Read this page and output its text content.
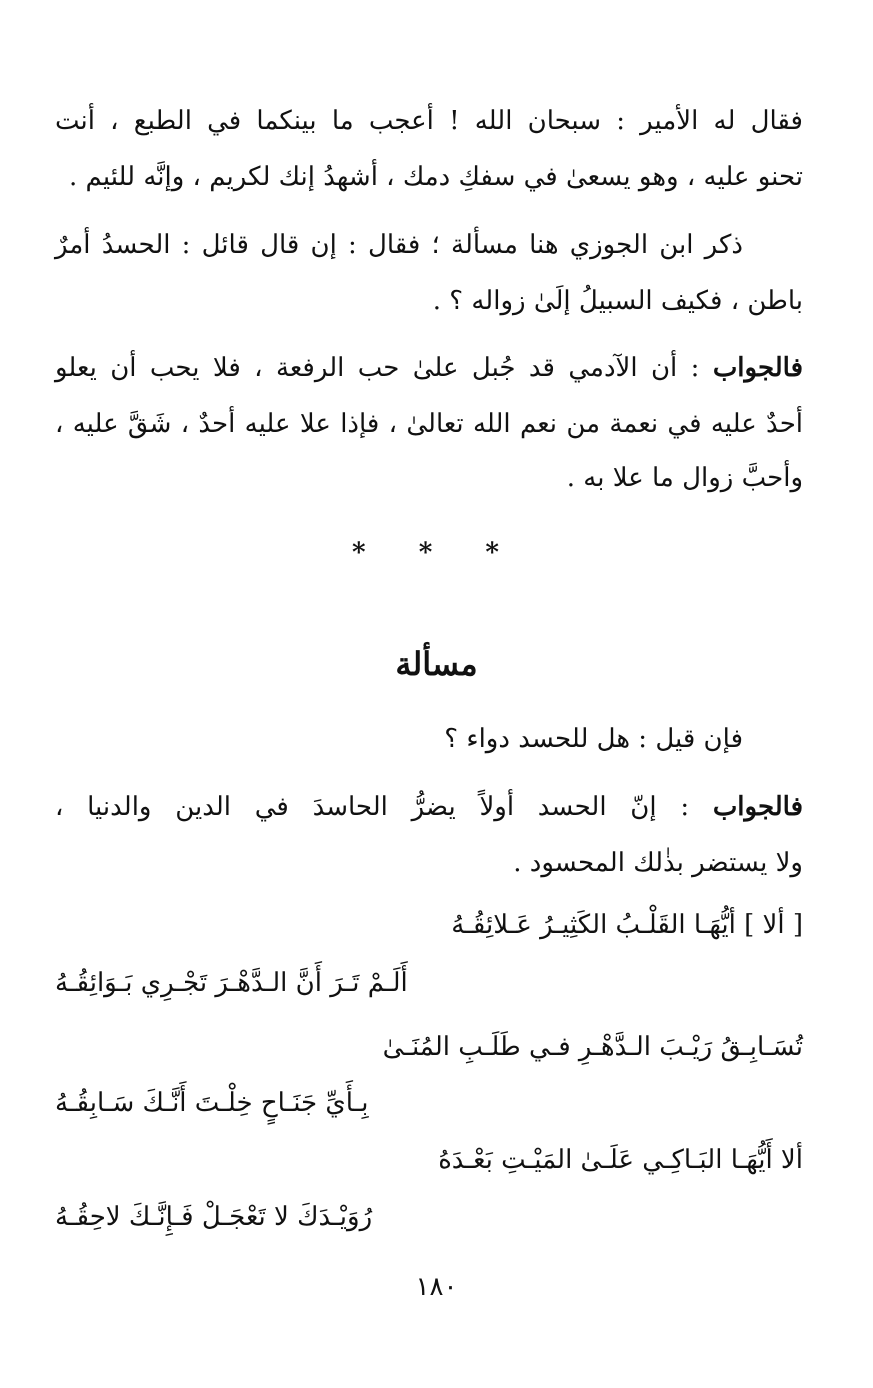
فقال له الأمير : سبحان الله ! أعجب ما بينكما في الطبع ، أنت
تحنو عليه ، وهو يسعىٰ في سفكِ دمك ، أشهدُ إنك لكريم ، وإنَّه للئيم .
ذكر ابن الجوزي هنا مسألة ؛ فقال : إن قال قائل : الحسدُ أمرٌ
باطن ، فكيف السبيلُ إلَىٰ زواله ؟ .
فالجواب : أن الآدمي قد جُبل علىٰ حب الرفعة ، فلا يحب أن يعلو
أحدٌ عليه في نعمة من نعم الله تعالىٰ ، فإذا علا عليه أحدٌ ، شَقَّ عليه ،
وأحبَّ زوال ما علا به .
* * *
مسألة
فإن قيل : هل للحسد دواء ؟
فالجواب : إنّ الحسد أولاً يضرُّ الحاسدَ في الدين والدنيا ،
ولا يستضر بذٰلك المحسود .
[ ألا ] أيُّهَـا القَلْـبُ الكَثِيـرُ عَـلائِقُـهُ
أَلَـمْ تَـرَ أَنَّ الـدَّهْـرَ تَجْـرِي بَـوَائِقُـهُ
تُسَـابِـقُ رَيْـبَ الـدَّهْـرِ فـي طَلَـبِ المُنَـىٰ
بِـأَيِّ جَنَـاحٍ خِلْـتَ أَنَّـكَ سَـابِقُـهُ
ألا أَيُّهَـا البَـاكِـي عَلَـىٰ المَيْـتِ بَعْـدَهُ
رُوَيْـدَكَ لا تَعْجَـلْ فَـإِنَّـكَ لاحِقُـهُ
١٨٠
